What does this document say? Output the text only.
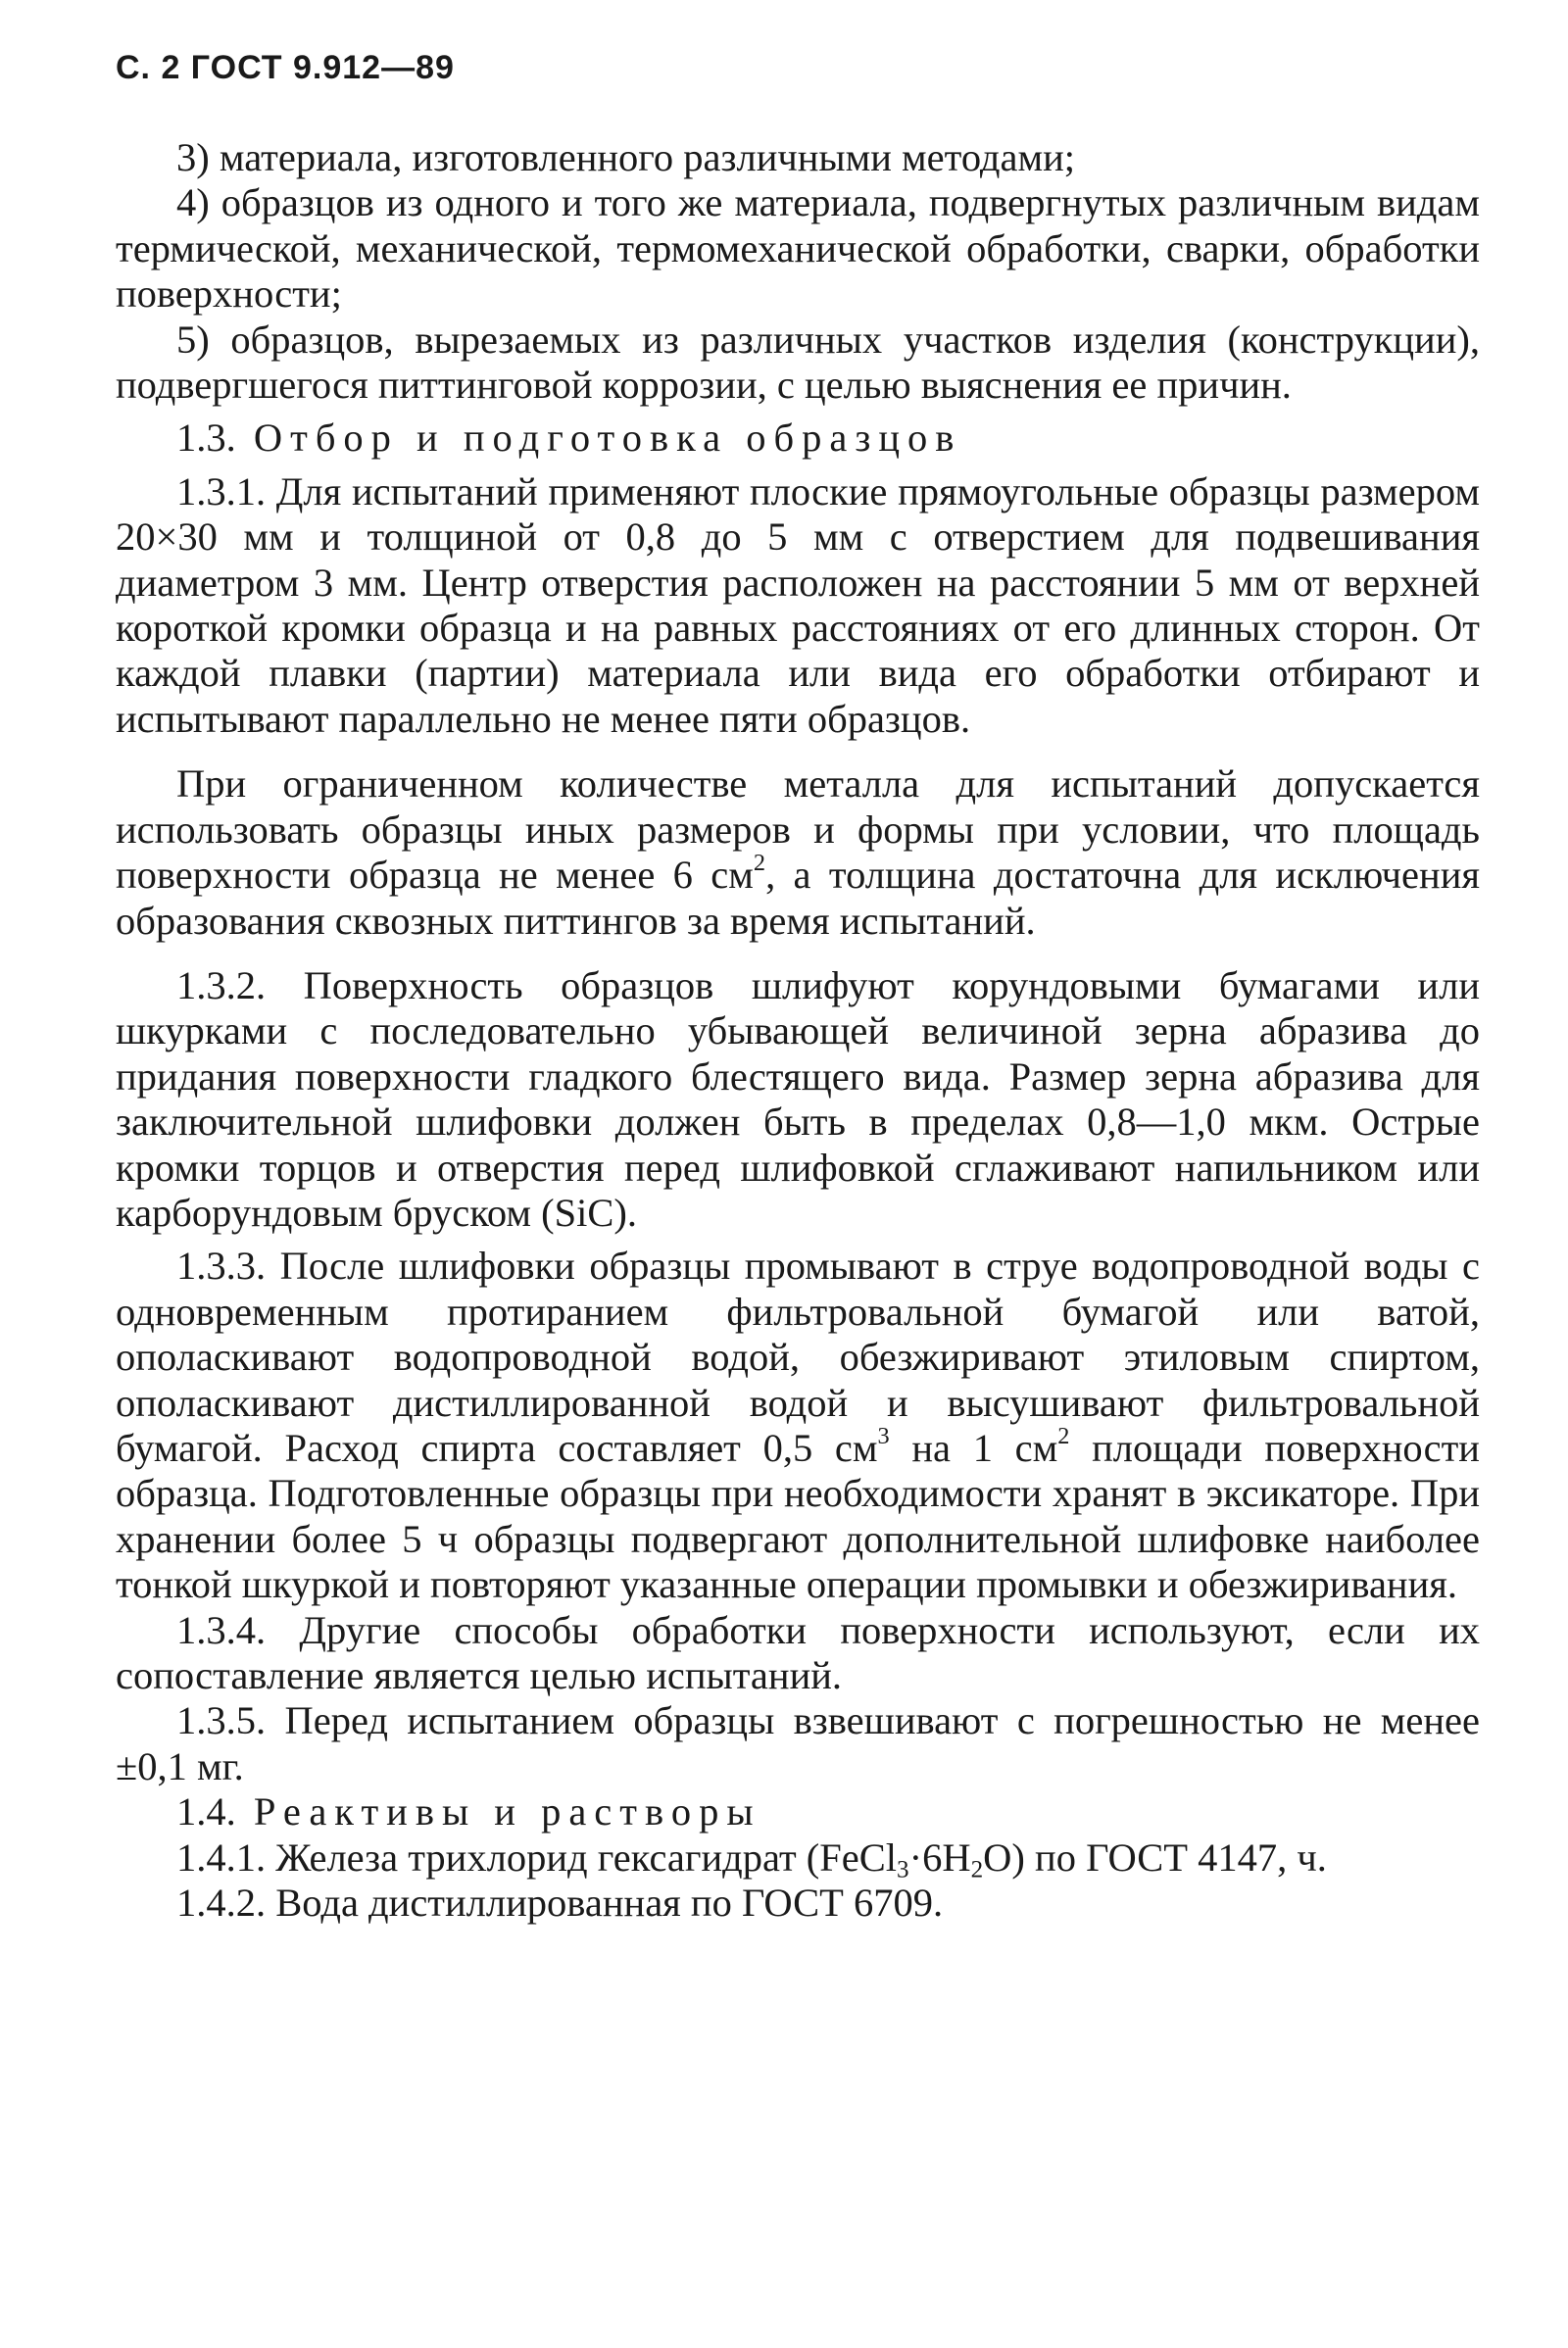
С. 2 ГОСТ 9.912—89

3) материала, изготовленного различными методами;

4) образцов из одного и того же материала, подвергнутых различным видам термической, механической, термомеханической обработки, сварки, обработки поверхности;

5) образцов, вырезаемых из различных участков изделия (конструкции), подвергшегося питтинговой коррозии, с целью выяснения ее причин.

1.3. Отбор и подготовка образцов

1.3.1. Для испытаний применяют плоские прямоугольные образцы размером 20×30 мм и толщиной от 0,8 до 5 мм с отверстием для подвешивания диаметром 3 мм. Центр отверстия расположен на расстоянии 5 мм от верхней короткой кромки образца и на равных расстояниях от его длинных сторон. От каждой плавки (партии) материала или вида его обработки отбирают и испытывают параллельно не менее пяти образцов.

При ограниченном количестве металла для испытаний допускается использовать образцы иных размеров и формы при условии, что площадь поверхности образца не менее 6 $см^2$, а толщина достаточна для исключения образования сквозных питтингов за время испытаний.

1.3.2. Поверхность образцов шлифуют корундовыми бумагами или шкурками с последовательно убывающей величиной зерна абразива до придания поверхности гладкого блестящего вида. Размер зерна абразива для заключительной шлифовки должен быть в пределах 0,8—1,0 мкм. Острые кромки торцов и отверстия перед шлифовкой сглаживают напильником или карборундовым бруском (SiC).

1.3.3. После шлифовки образцы промывают в струе водопроводной воды с одновременным протиранием фильтровальной бумагой или ватой, ополаскивают водопроводной водой, обезжиривают этиловым спиртом, ополаскивают дистиллированной водой и высушивают фильтровальной бумагой. Расход спирта составляет 0,5 $см^3$ на 1 $см^2$ площади поверхности образца. Подготовленные образцы при необходимости хранят в эксикаторе. При хранении более 5 ч образцы подвергают дополнительной шлифовке наиболее тонкой шкуркой и повторяют указанные операции промывки и обезжиривания.

1.3.4. Другие способы обработки поверхности используют, если их сопоставление является целью испытаний.

1.3.5. Перед испытанием образцы взвешивают с погрешностью не менее ±0,1 мг.

1.4. Реактивы и растворы

1.4.1. Железа трихлорид гексагидрат $(FeCl_3\cdot 6H_2O)$ по ГОСТ 4147, ч.

1.4.2. Вода дистиллированная по ГОСТ 6709.
